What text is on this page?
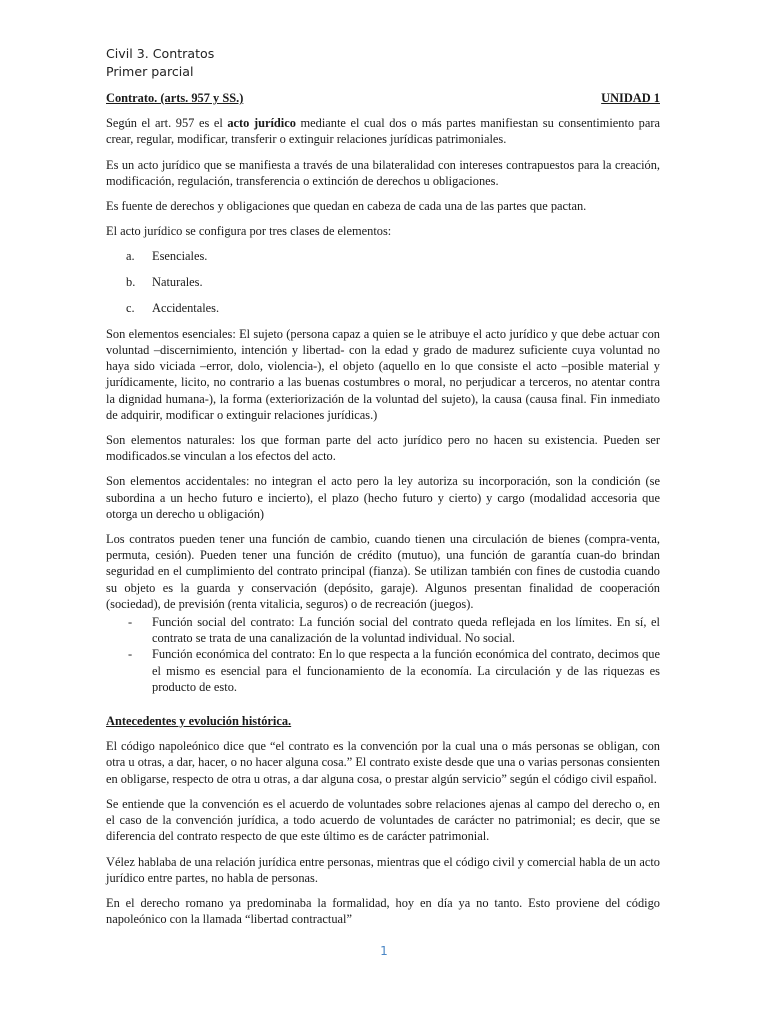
Civil 3. Contratos
Primer parcial
Contrato. (arts. 957 y SS.)	UNIDAD 1

Según el art. 957 es el acto jurídico mediante el cual dos o más partes manifiestan su consentimiento para crear, regular, modificar, transferir o extinguir relaciones jurídicas patrimoniales.

Es un acto jurídico que se manifiesta a través de una bilateralidad con intereses contrapuestos para la creación, modificación, regulación, transferencia o extinción de derechos u obligaciones.

Es fuente de derechos y obligaciones que quedan en cabeza de cada una de las partes que pactan.

El acto jurídico se configura por tres clases de elementos:

a.	Esenciales.
b.	Naturales.
c.	Accidentales.

Son elementos esenciales: El sujeto (persona capaz a quien se le atribuye el acto jurídico y que debe actuar con voluntad –discernimiento, intención y libertad- con la edad y grado de madurez suficiente cuya voluntad no haya sido viciada –error, dolo, violencia-), el objeto (aquello en lo que consiste el acto –posible material y jurídicamente, licito, no contrario a las buenas costumbres o moral, no perjudicar a terceros, no atentar contra la dignidad humana-), la forma (exteriorización de la voluntad del sujeto), la causa (causa final. Fin inmediato de adquirir, modificar o extinguir relaciones jurídicas.)

Son elementos naturales: los que forman parte del acto jurídico pero no hacen su existencia. Pueden ser modificados.se vinculan a los efectos del acto.

Son elementos accidentales: no integran el acto pero la ley autoriza su incorporación, son la condición (se subordina a un hecho futuro e incierto), el plazo (hecho futuro y cierto) y cargo (modalidad accesoria que otorga un derecho u obligación)

Los contratos pueden tener una función de cambio, cuando tienen una circulación de bienes (compra-venta, permuta, cesión). Pueden tener una función de crédito (mutuo), una función de garantía cuan-do brindan seguridad en el cumplimiento del contrato principal (fianza). Se utilizan también con fines de custodia cuando su objeto es la guarda y conservación (depósito, garaje). Algunos presentan finalidad de cooperación (sociedad), de previsión (renta vitalicia, seguros) o de recreación (juegos).

-	Función social del contrato: La función social del contrato queda reflejada en los límites. En sí, el contrato se trata de una canalización de la voluntad individual. No social.
-	Función económica del contrato: En lo que respecta a la función económica del contrato, decimos que el mismo es esencial para el funcionamiento de la economía. La circulación y de las riquezas es producto de esto.
Antecedentes y evolución histórica.

El código napoleónico dice que “el contrato es la convención por la cual una o más personas se obligan, con otra u otras, a dar, hacer, o no hacer alguna cosa.” El contrato existe desde que una o varias personas consienten en obligarse, respecto de otra u otras, a dar alguna cosa, o prestar algún servicio” según el código civil español.

Se entiende que la convención es el acuerdo de voluntades sobre relaciones ajenas al campo del derecho o, en el caso de la convención jurídica, a todo acuerdo de voluntades de carácter no patrimonial; es decir, que se diferencia del contrato respecto de que este último es de carácter patrimonial.

Vélez hablaba de una relación jurídica entre personas, mientras que el código civil y comercial habla de un acto jurídico entre partes, no habla de personas.

En el derecho romano ya predominaba la formalidad, hoy en día ya no tanto. Esto proviene del código napoleónico con la llamada “libertad contractual”

1
